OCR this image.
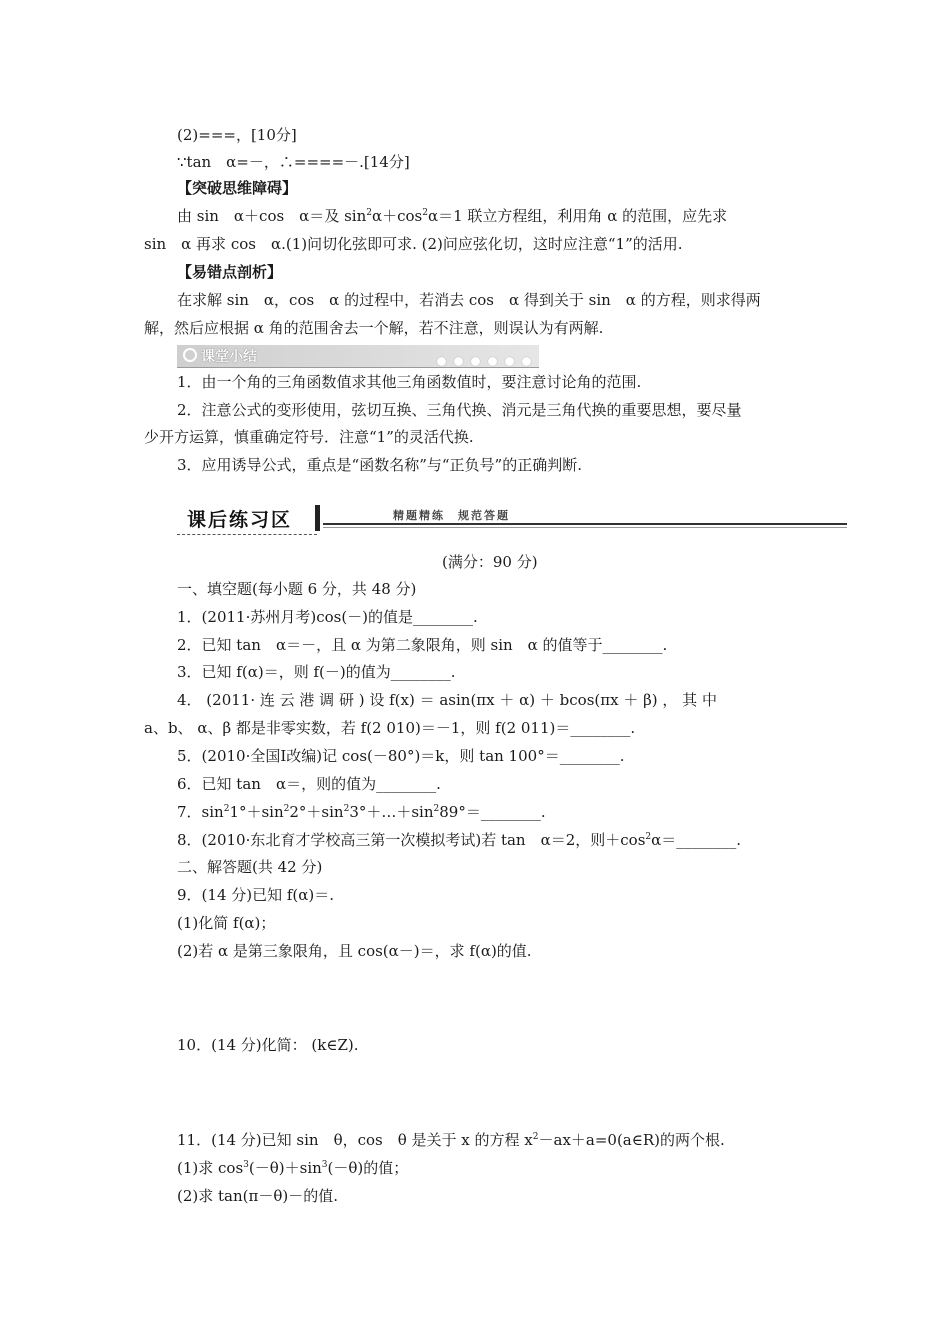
(2)===，[10分]
∵tan　α=－，∴====－.[14分]
【突破思维障碍】
由 sin　α＋cos　α＝及 $\sin^2\alpha+\cos^2\alpha=1$ 联立方程组，利用角 α 的范围，应先求
sin　α 再求 cos　α.(1)问切化弦即可求. (2)问应弦化切，这时应注意“1”的活用.
【易错点剖析】
在求解 sin　α，cos　α 的过程中，若消去 cos　α 得到关于 sin　α 的方程，则求得两
解，然后应根据 α 角的范围舍去一个解，若不注意，则误认为有两解.
课堂小结
1．由一个角的三角函数值求其他三角函数值时，要注意讨论角的范围.
2．注意公式的变形使用，弦切互换、三角代换、消元是三角代换的重要思想，要尽量
少开方运算，慎重确定符号．注意“1”的灵活代换.
3．应用诱导公式，重点是“函数名称”与“正负号”的正确判断.
课后练习区	精题精练　规范答题
(满分：90 分)
一、填空题(每小题 6 分，共 48 分)
1．(2011·苏州月考)cos(－)的值是________.
2．已知 tan　α＝－，且 α 为第二象限角，则 sin　α 的值等于________.
3．已知 f(α)＝，则 f(－)的值为________.
4． (2011· 连 云 港 调 研 ) 设 f(x) ＝ asin(πx ＋ α) ＋ bcos(πx ＋ β) ， 其 中
a、b、 α、β 都是非零实数，若 f(2 010)＝－1，则 f(2 011)＝________.
5．(2010·全国Ⅰ改编)记 cos(－80°)＝k，则 tan 100°＝________.
6．已知 tan　α＝，则的值为________.
7．$\sin^21^\circ+\sin^22^\circ+\sin^23^\circ+\dots+\sin^289^\circ=\_\_\_\_\_\_\_\_$.
8．(2010·东北育才学校高三第一次模拟考试)若 tan　α＝2，则$+\cos^2\alpha=\_\_\_\_\_\_\_\_$.
二、解答题(共 42 分)
9．(14 分)已知 f(α)＝.
(1)化简 f(α)；
(2)若 α 是第三象限角，且 cos(α－)＝，求 f(α)的值.
10．(14 分)化简： (k∈Z).
11．(14 分)已知 sin　θ，cos　θ 是关于 x 的方程 $x^2-ax+a=0(a\in R)$的两个根.
(1)求 $\cos^3(-\theta)+\sin^3(-\theta)$的值；
(2)求 tan(π－θ)－的值.
